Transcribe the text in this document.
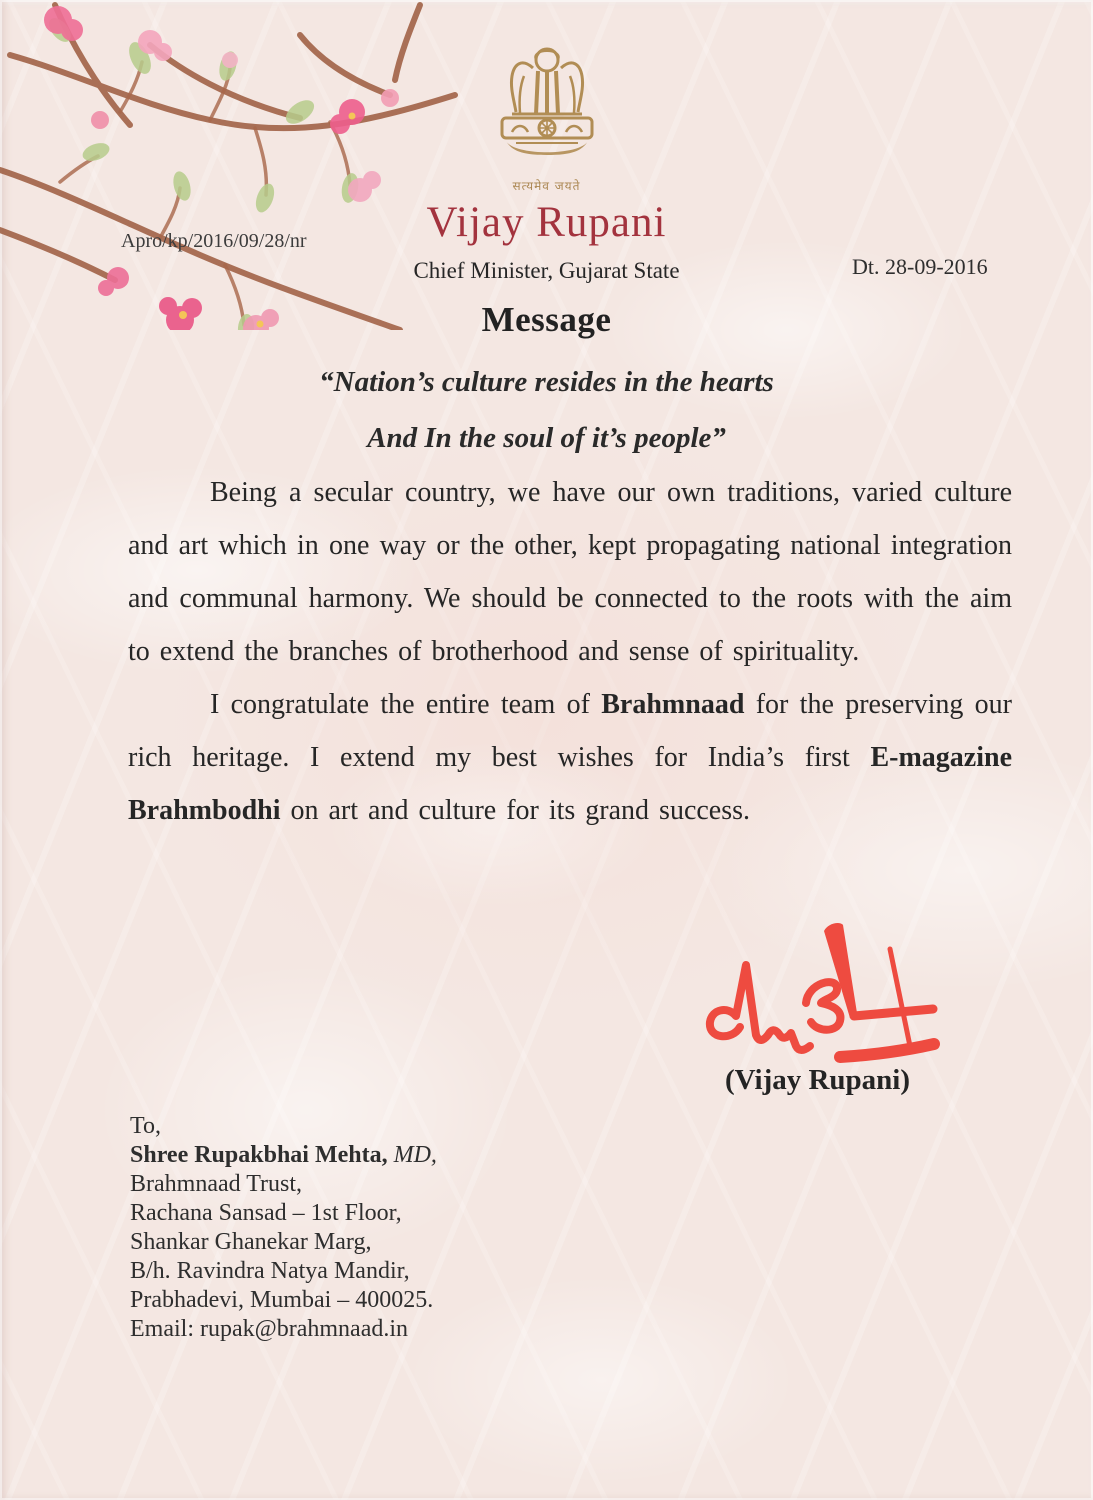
सत्यमेव जयते
Apro/kp/2016/09/28/nr	Vijay Rupani
Chief Minister, Gujarat State	Dt. 28-09-2016
Message
“Nation’s culture resides in the hearts
And In the soul of it’s people”

Being a secular country, we have our own traditions, varied culture and art which in one way or the other, kept propagating national integration and communal harmony. We should be connected to the roots with the aim to extend the branches of brotherhood and sense of spirituality.

I congratulate the entire team of Brahmnaad for the preserving our rich heritage. I extend my best wishes for India’s first E-magazine Brahmbodhi on art and culture for its grand success.

(Vijay Rupani)
To,
Shree Rupakbhai Mehta, MD,
Brahmnaad Trust,
Rachana Sansad – 1st Floor,
Shankar Ghanekar Marg,
B/h. Ravindra Natya Mandir,
Prabhadevi, Mumbai – 400025.
Email: rupak@brahmnaad.in
